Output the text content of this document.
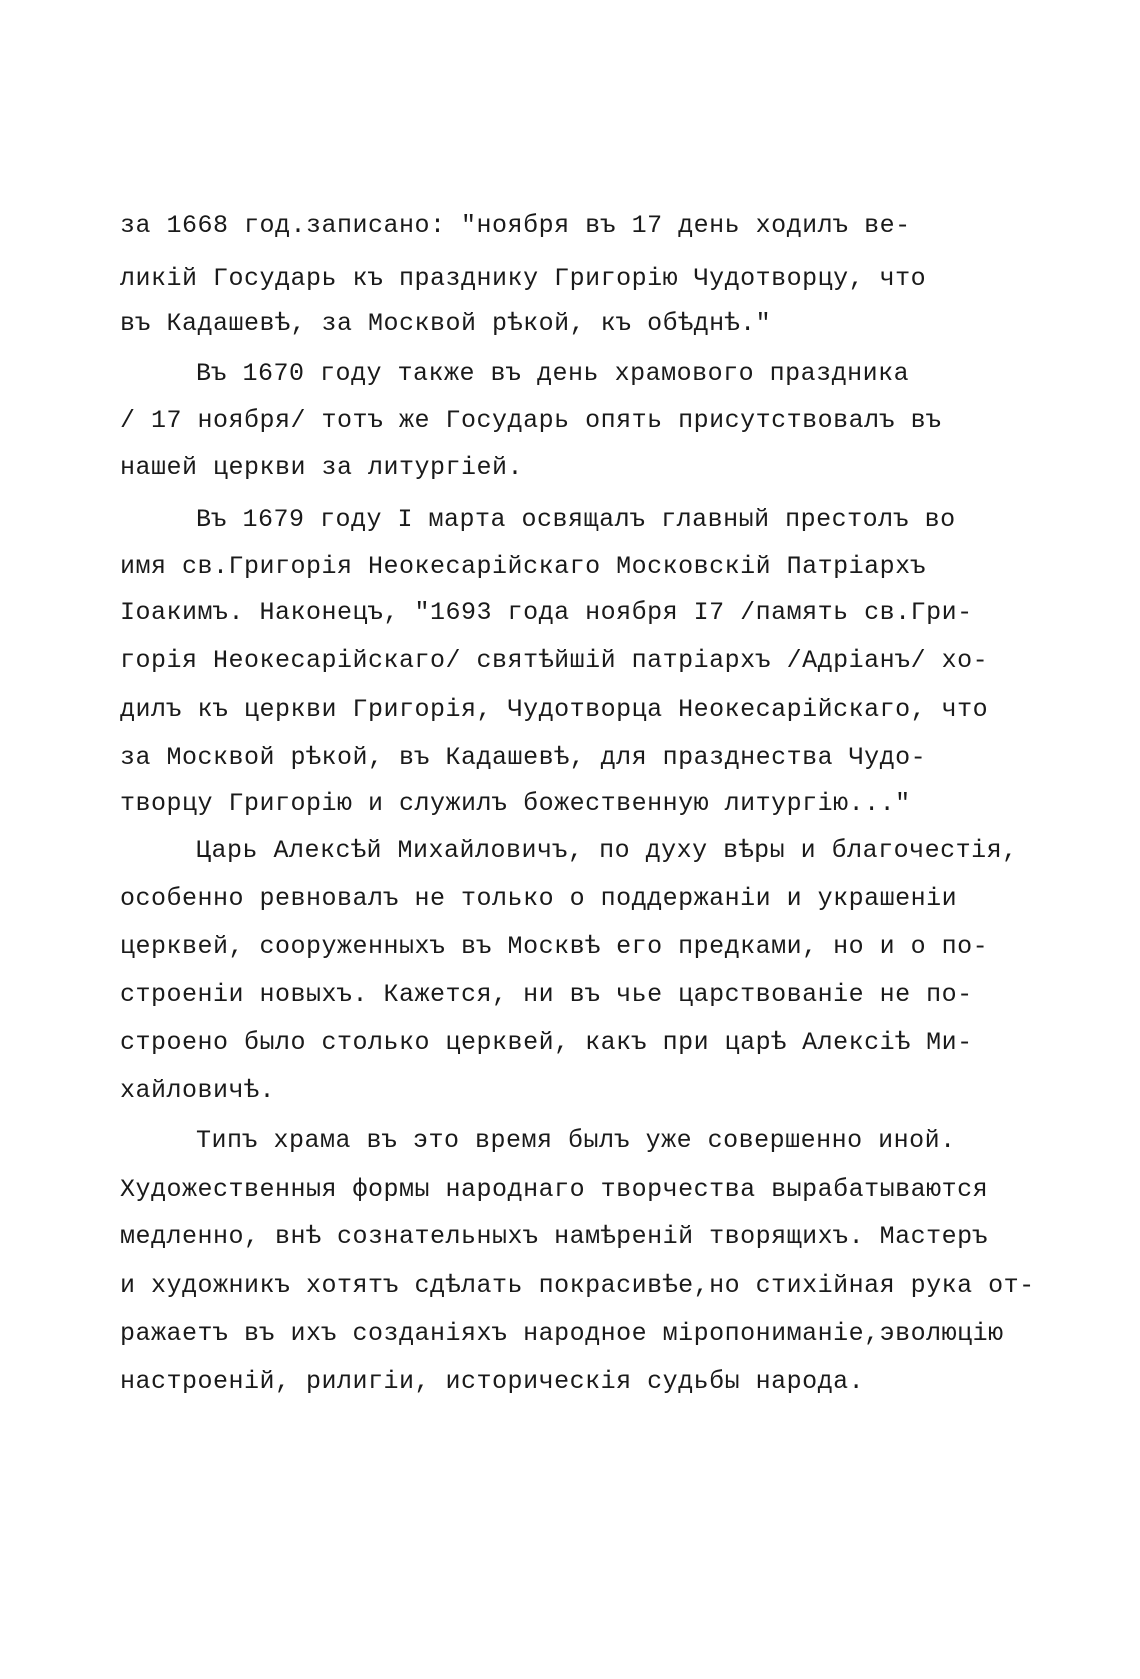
за 1668 год.записано: "ноября въ 17 день ходилъ ве-
ликій Государь къ празднику Григорію Чудотворцу, что
въ Кадашевѣ, за Москвой рѣкой, къ обѣднѣ."
Въ 1670 году также въ день храмового праздника
/ 17 ноября/ тотъ же Государь опять присутствовалъ въ
нашей церкви за литургіей.
Въ 1679 году I марта освящалъ главный престолъ во
имя св.Григорія Неокесарійскаго Московскій Патріархъ
Іоакимъ. Наконецъ, "1693 года ноября I7 /память св.Гри-
горія Неокесарійскаго/ святѣйшій патріархъ /Адріанъ/ хо-
дилъ къ церкви Григорія, Чудотворца Неокесарійскаго, что
за Москвой рѣкой, въ Кадашевѣ, для празднества Чудо-
творцу Григорію и служилъ божественную литургію..."
Царь Алексѣй Михайловичъ, по духу вѣры и благочестія,
особенно ревновалъ не только о поддержаніи и украшеніи
церквей, сооруженныхъ въ Москвѣ его предками, но и о по-
строеніи новыхъ. Кажется, ни въ чье царствованіе не по-
строено было столько церквей, какъ при царѣ Алексіѣ Ми-
хайловичѣ.
Типъ храма въ это время былъ уже совершенно иной.
Художественныя формы народнаго творчества вырабатываются
медленно, внѣ сознательныхъ намѣреній творящихъ. Мастеръ
и художникъ хотятъ сдѣлать покрасивѣе,но стихійная рука от-
ражаетъ въ ихъ созданіяхъ народное міропониманіе,эволюцію
настроеній, рилигіи, историческія судьбы народа.
